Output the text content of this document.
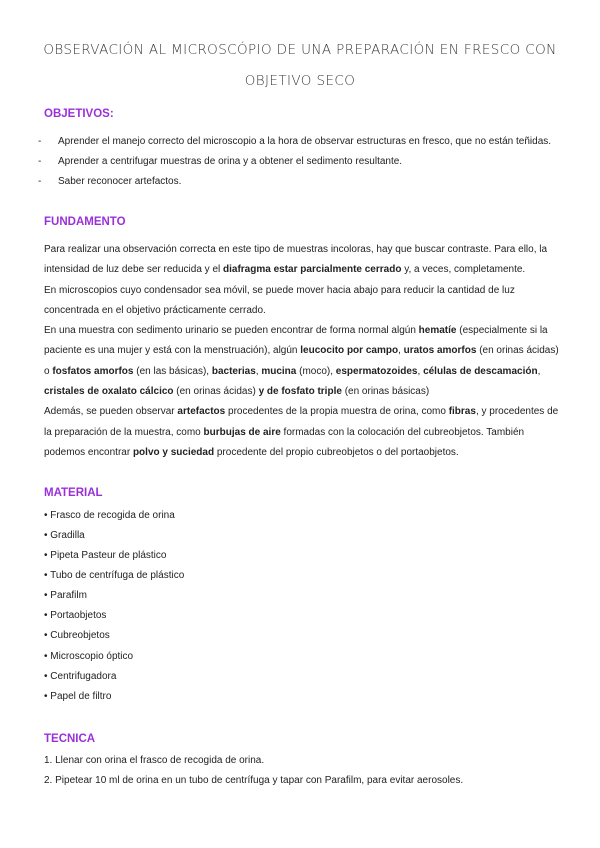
OBSERVACIÓN AL MICROSCÓPIO DE UNA PREPARACIÓN EN FRESCO CON
OBJETIVO SECO
OBJETIVOS:
- Aprender el manejo correcto del microscopio a la hora de observar estructuras en fresco, que no están teñidas.
- Aprender a centrifugar muestras de orina y a obtener el sedimento resultante.
- Saber reconocer artefactos.
FUNDAMENTO
Para realizar una observación correcta en este tipo de muestras incoloras, hay que buscar contraste. Para ello, la intensidad de luz debe ser reducida y el diafragma estar parcialmente cerrado y, a veces, completamente.
En microscopios cuyo condensador sea móvil, se puede mover hacia abajo para reducir la cantidad de luz concentrada en el objetivo prácticamente cerrado.
En una muestra con sedimento urinario se pueden encontrar de forma normal algún hematíe (especialmente si la paciente es una mujer y está con la menstruación), algún leucocito por campo, uratos amorfos (en orinas ácidas) o fosfatos amorfos (en las básicas), bacterias, mucina (moco), espermatozoides, células de descamación, cristales de oxalato cálcico (en orinas ácidas) y de fosfato triple (en orinas básicas)
Además, se pueden observar artefactos procedentes de la propia muestra de orina, como fibras, y procedentes de la preparación de la muestra, como burbujas de aire formadas con la colocación del cubreobjetos. También podemos encontrar polvo y suciedad procedente del propio cubreobjetos o del portaobjetos.
MATERIAL
• Frasco de recogida de orina
• Gradilla
• Pipeta Pasteur de plástico
• Tubo de centrífuga de plástico
• Parafilm
• Portaobjetos
• Cubreobjetos
• Microscopio óptico
• Centrifugadora
• Papel de filtro
TECNICA
1. Llenar con orina el frasco de recogida de orina.
2. Pipetear 10 ml de orina en un tubo de centrífuga y tapar con Parafilm, para evitar aerosoles.
